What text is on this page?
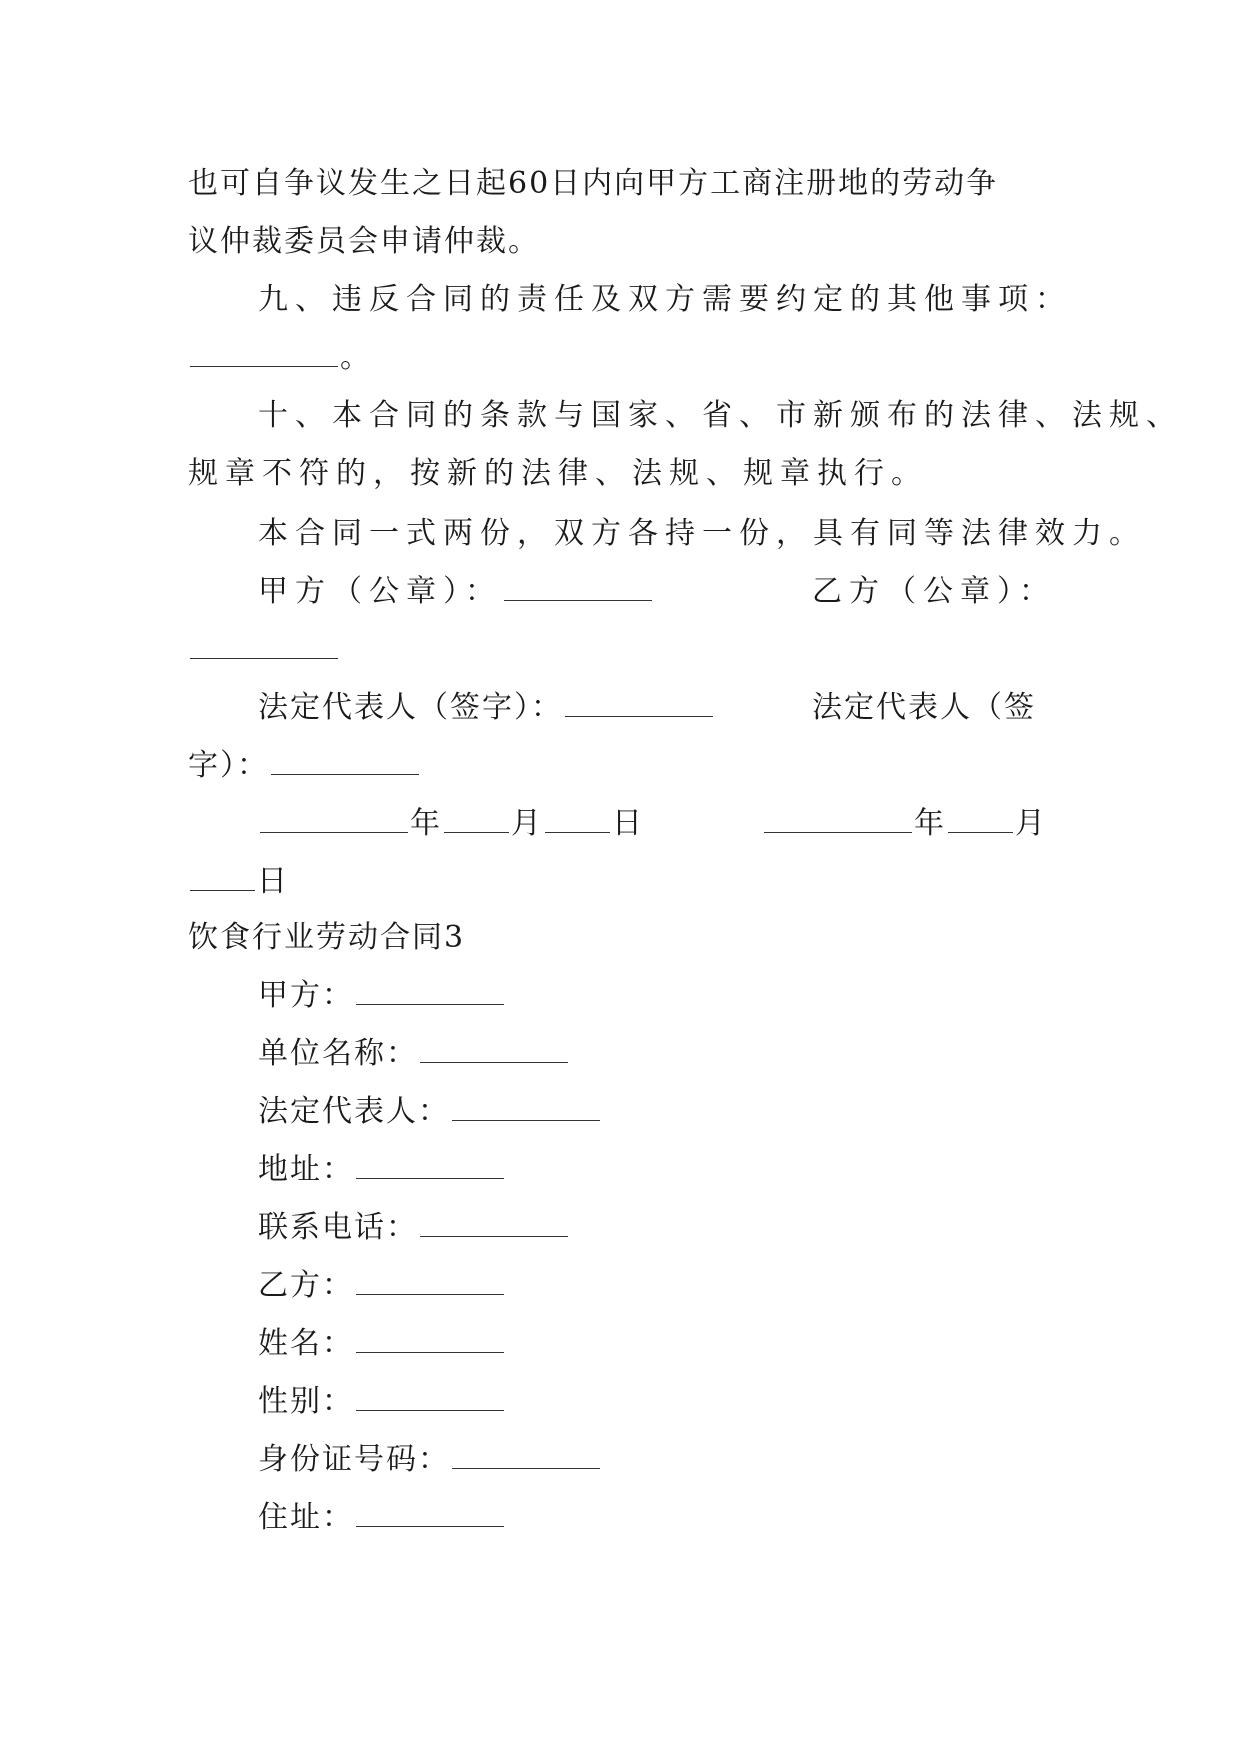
也可自争议发生之日起60日内向甲方工商注册地的劳动争
议仲裁委员会申请仲裁。
九、违反合同的责任及双方需要约定的其他事项：
。
十、本合同的条款与国家、省、市新颁布的法律、法规、
规章不符的，按新的法律、法规、规章执行。
本合同一式两份，双方各持一份，具有同等法律效力。
甲方（公章）：	乙方（公章）：
法定代表人（签字）：	法定代表人（签
字）：
年 月 日	年 月
日
饮食行业劳动合同3
甲方：
单位名称：
法定代表人：
地址：
联系电话：
乙方：
姓名：
性别：
身份证号码：
住址：
